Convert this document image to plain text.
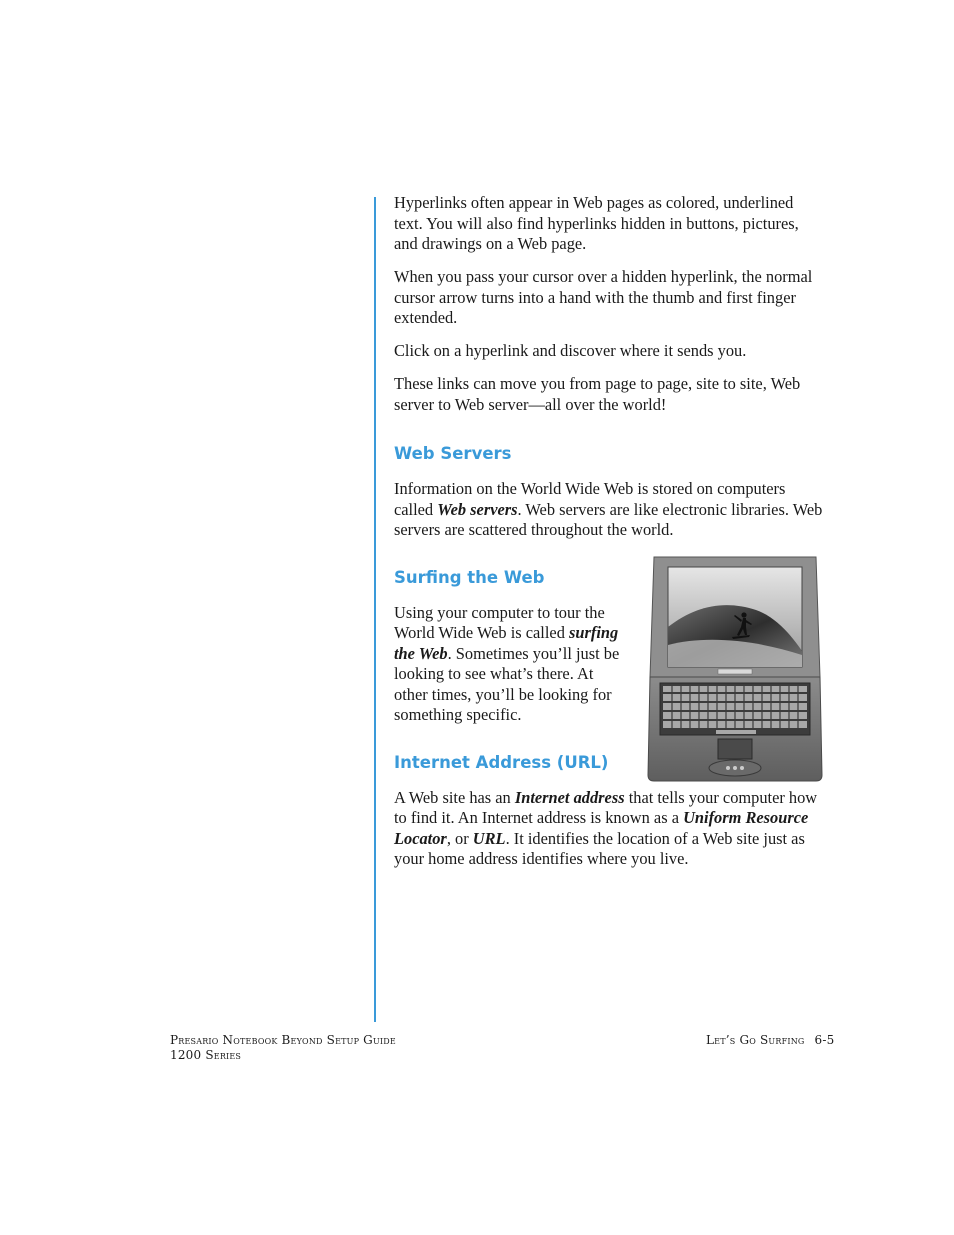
Hyperlinks often appear in Web pages as colored, underlined text. You will also find hyperlinks hidden in buttons, pictures, and drawings on a Web page.

When you pass your cursor over a hidden hyperlink, the normal cursor arrow turns into a hand with the thumb and first finger extended.

Click on a hyperlink and discover where it sends you.

These links can move you from page to page, site to site, Web server to Web server—all over the world!

Web Servers

Information on the World Wide Web is stored on computers called Web servers. Web servers are like electronic libraries. Web servers are scattered throughout the world.

Surfing the Web

Using your computer to tour the World Wide Web is called surfing the Web. Sometimes you’ll just be looking to see what’s there. At other times, you’ll be looking for something specific.

Internet Address (URL)

A Web site has an Internet address that tells your computer how to find it. An Internet address is known as a Uniform Resource Locator, or URL. It identifies the location of a Web site just as your home address identifies where you live.

Presario Notebook Beyond Setup Guide
1200 Series
Let’s Go Surfing 6-5
